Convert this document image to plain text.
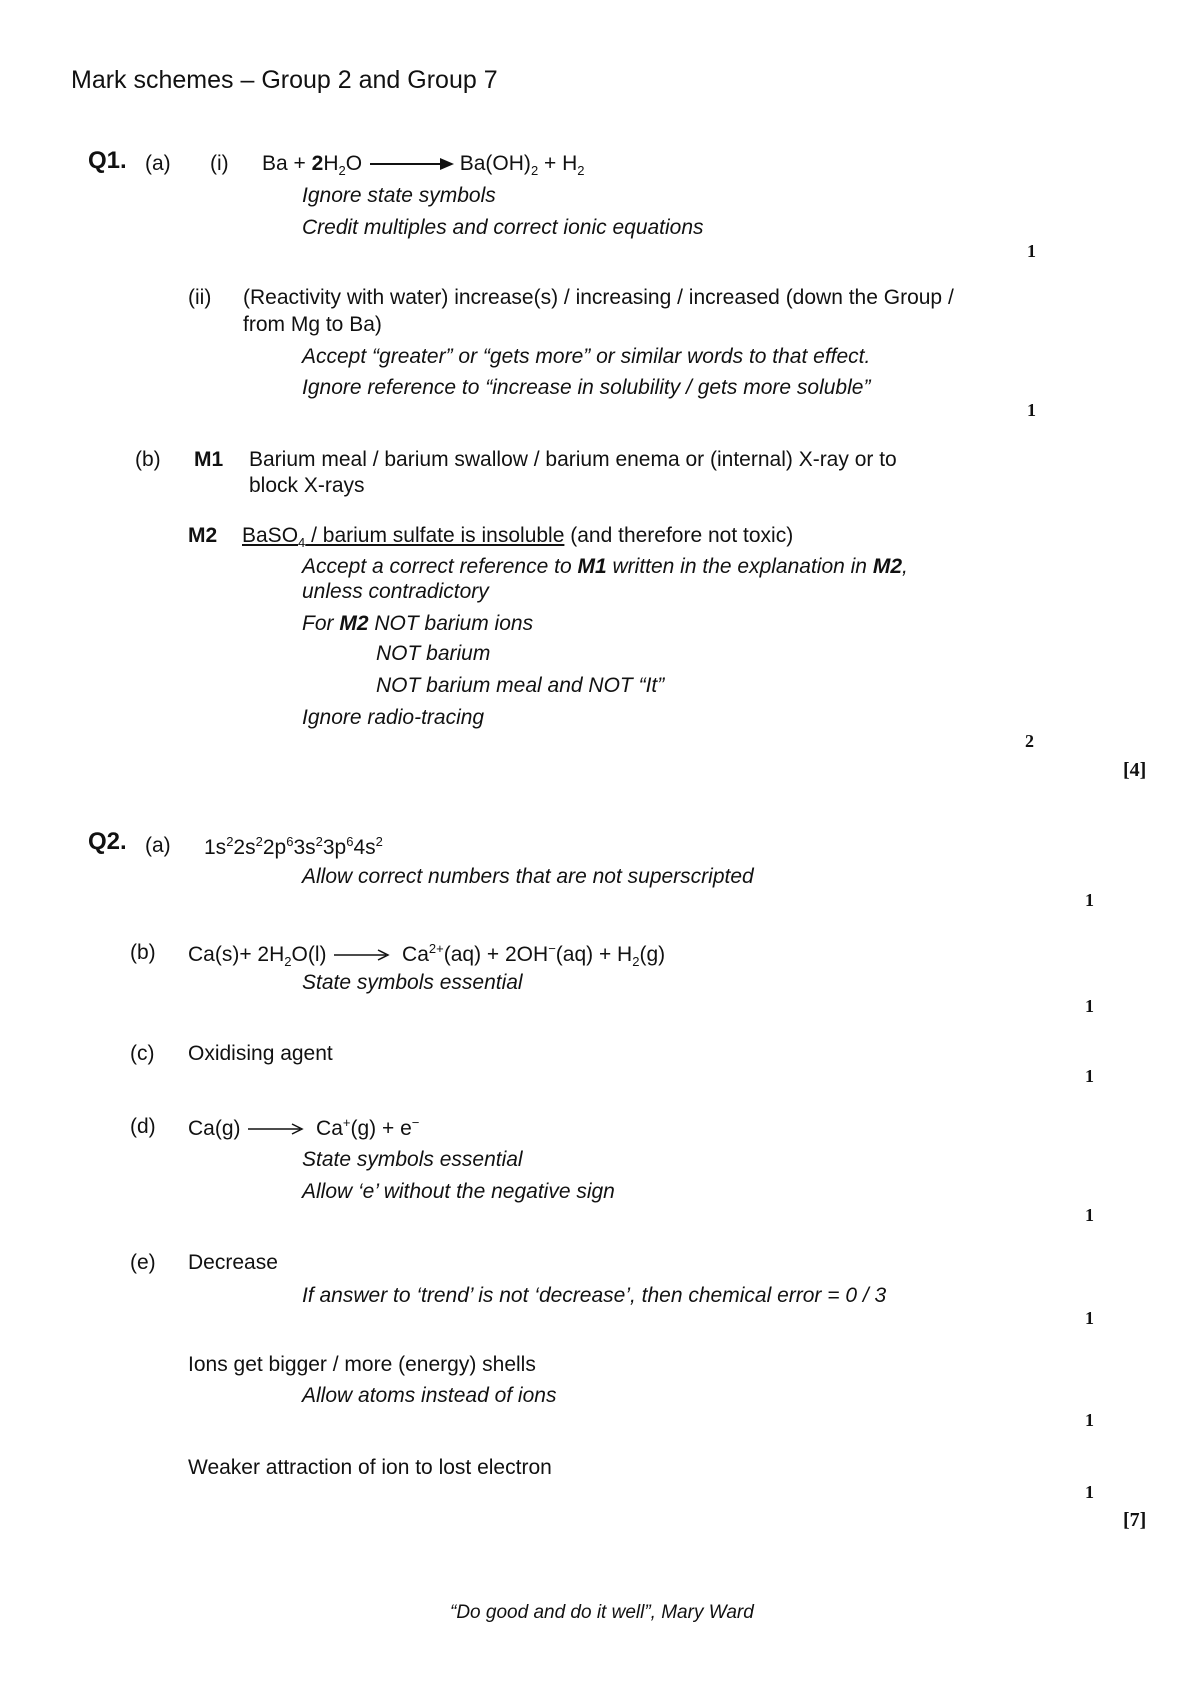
Mark schemes – Group 2 and Group 7
Q1. (a) (i) $Ba + 2H_2O$	$Ba(OH)_2 + H_2$
Ignore state symbols
Credit multiples and correct ionic equations
1
(ii) (Reactivity with water) increase(s) / increasing / increased (down the Group /
from Mg to Ba)
Accept “greater” or “gets more” or similar words to that effect.
Ignore reference to “increase in solubility / gets more soluble”
1
(b) M1 Barium meal / barium swallow / barium enema or (internal) X-ray or to
block X-rays
M2 BaSO$_4$ / barium sulfate is insoluble (and therefore not toxic)
Accept a correct reference to M1 written in the explanation in M2,
unless contradictory
For M2 NOT barium ions
NOT barium
NOT barium meal and NOT “It”
Ignore radio-tracing
2
[4]
Q2. (a) $1s^22s^22p^63s^23p^64s^2$
Allow correct numbers that are not superscripted
1
(b) $Ca(s)+ 2H_2O(l) \to Ca^{2+}(aq) + 2OH^-(aq) + H_2(g)$
State symbols essential
1
(c) Oxidising agent
1
(d) Ca(g) → Ca+(g) + e−
State symbols essential
Allow ‘e’ without the negative sign
1
(e) Decrease
If answer to ‘trend’ is not ‘decrease’, then chemical error = 0 / 3
1
Ions get bigger / more (energy) shells
Allow atoms instead of ions
1
Weaker attraction of ion to lost electron
1
[7]
“Do good and do it well”, Mary Ward
